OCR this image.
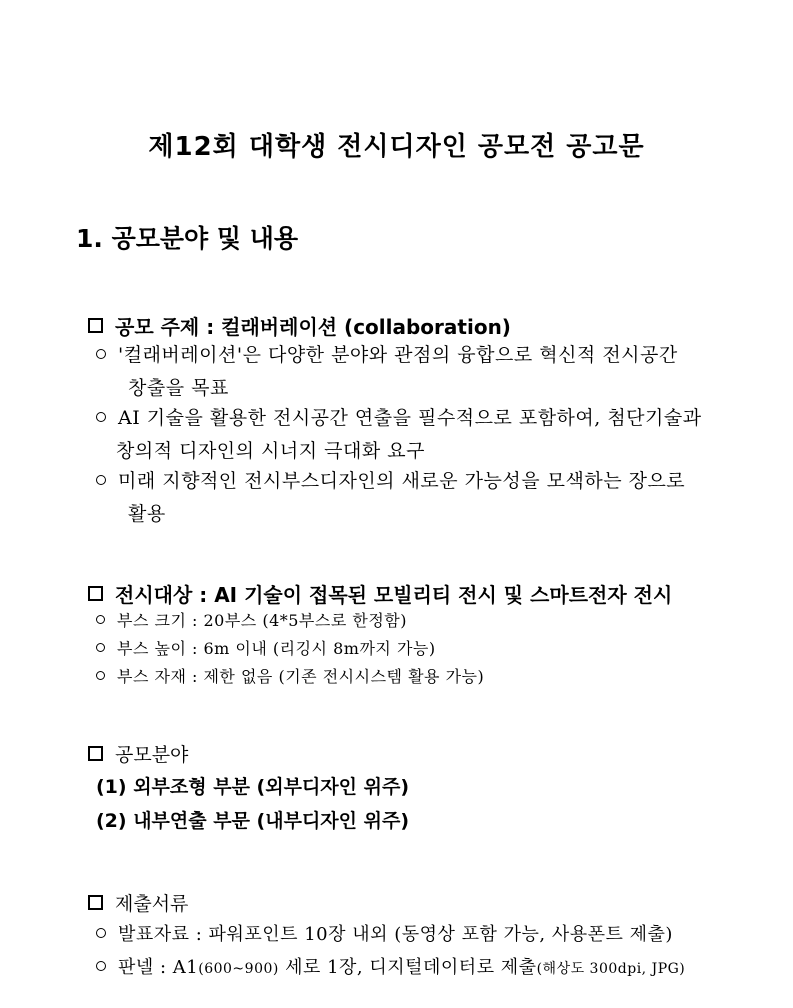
제12회 대학생 전시디자인 공모전 공고문
1. 공모분야 및 내용
공모 주제 : 컬래버레이션 (collaboration)
'컬래버레이션'은 다양한 분야와 관점의 융합으로 혁신적 전시공간
창출을 목표
AI 기술을 활용한 전시공간 연출을 필수적으로 포함하여, 첨단기술과
창의적 디자인의 시너지 극대화 요구
미래 지향적인 전시부스디자인의 새로운 가능성을 모색하는 장으로
활용
전시대상 : AI 기술이 접목된 모빌리티 전시 및 스마트전자 전시
부스 크기 : 20부스 (4*5부스로 한정함)
부스 높이 : 6m 이내 (리깅시 8m까지 가능)
부스 자재 : 제한 없음 (기존 전시시스템 활용 가능)
공모분야
(1) 외부조형 부분 (외부디자인 위주)
(2) 내부연출 부문 (내부디자인 위주)
제출서류
발표자료 : 파워포인트 10장 내외 (동영상 포함 가능, 사용폰트 제출)
판넬 : A1(600~900) 세로 1장, 디지털데이터로 제출(해상도 300dpi, JPG)
